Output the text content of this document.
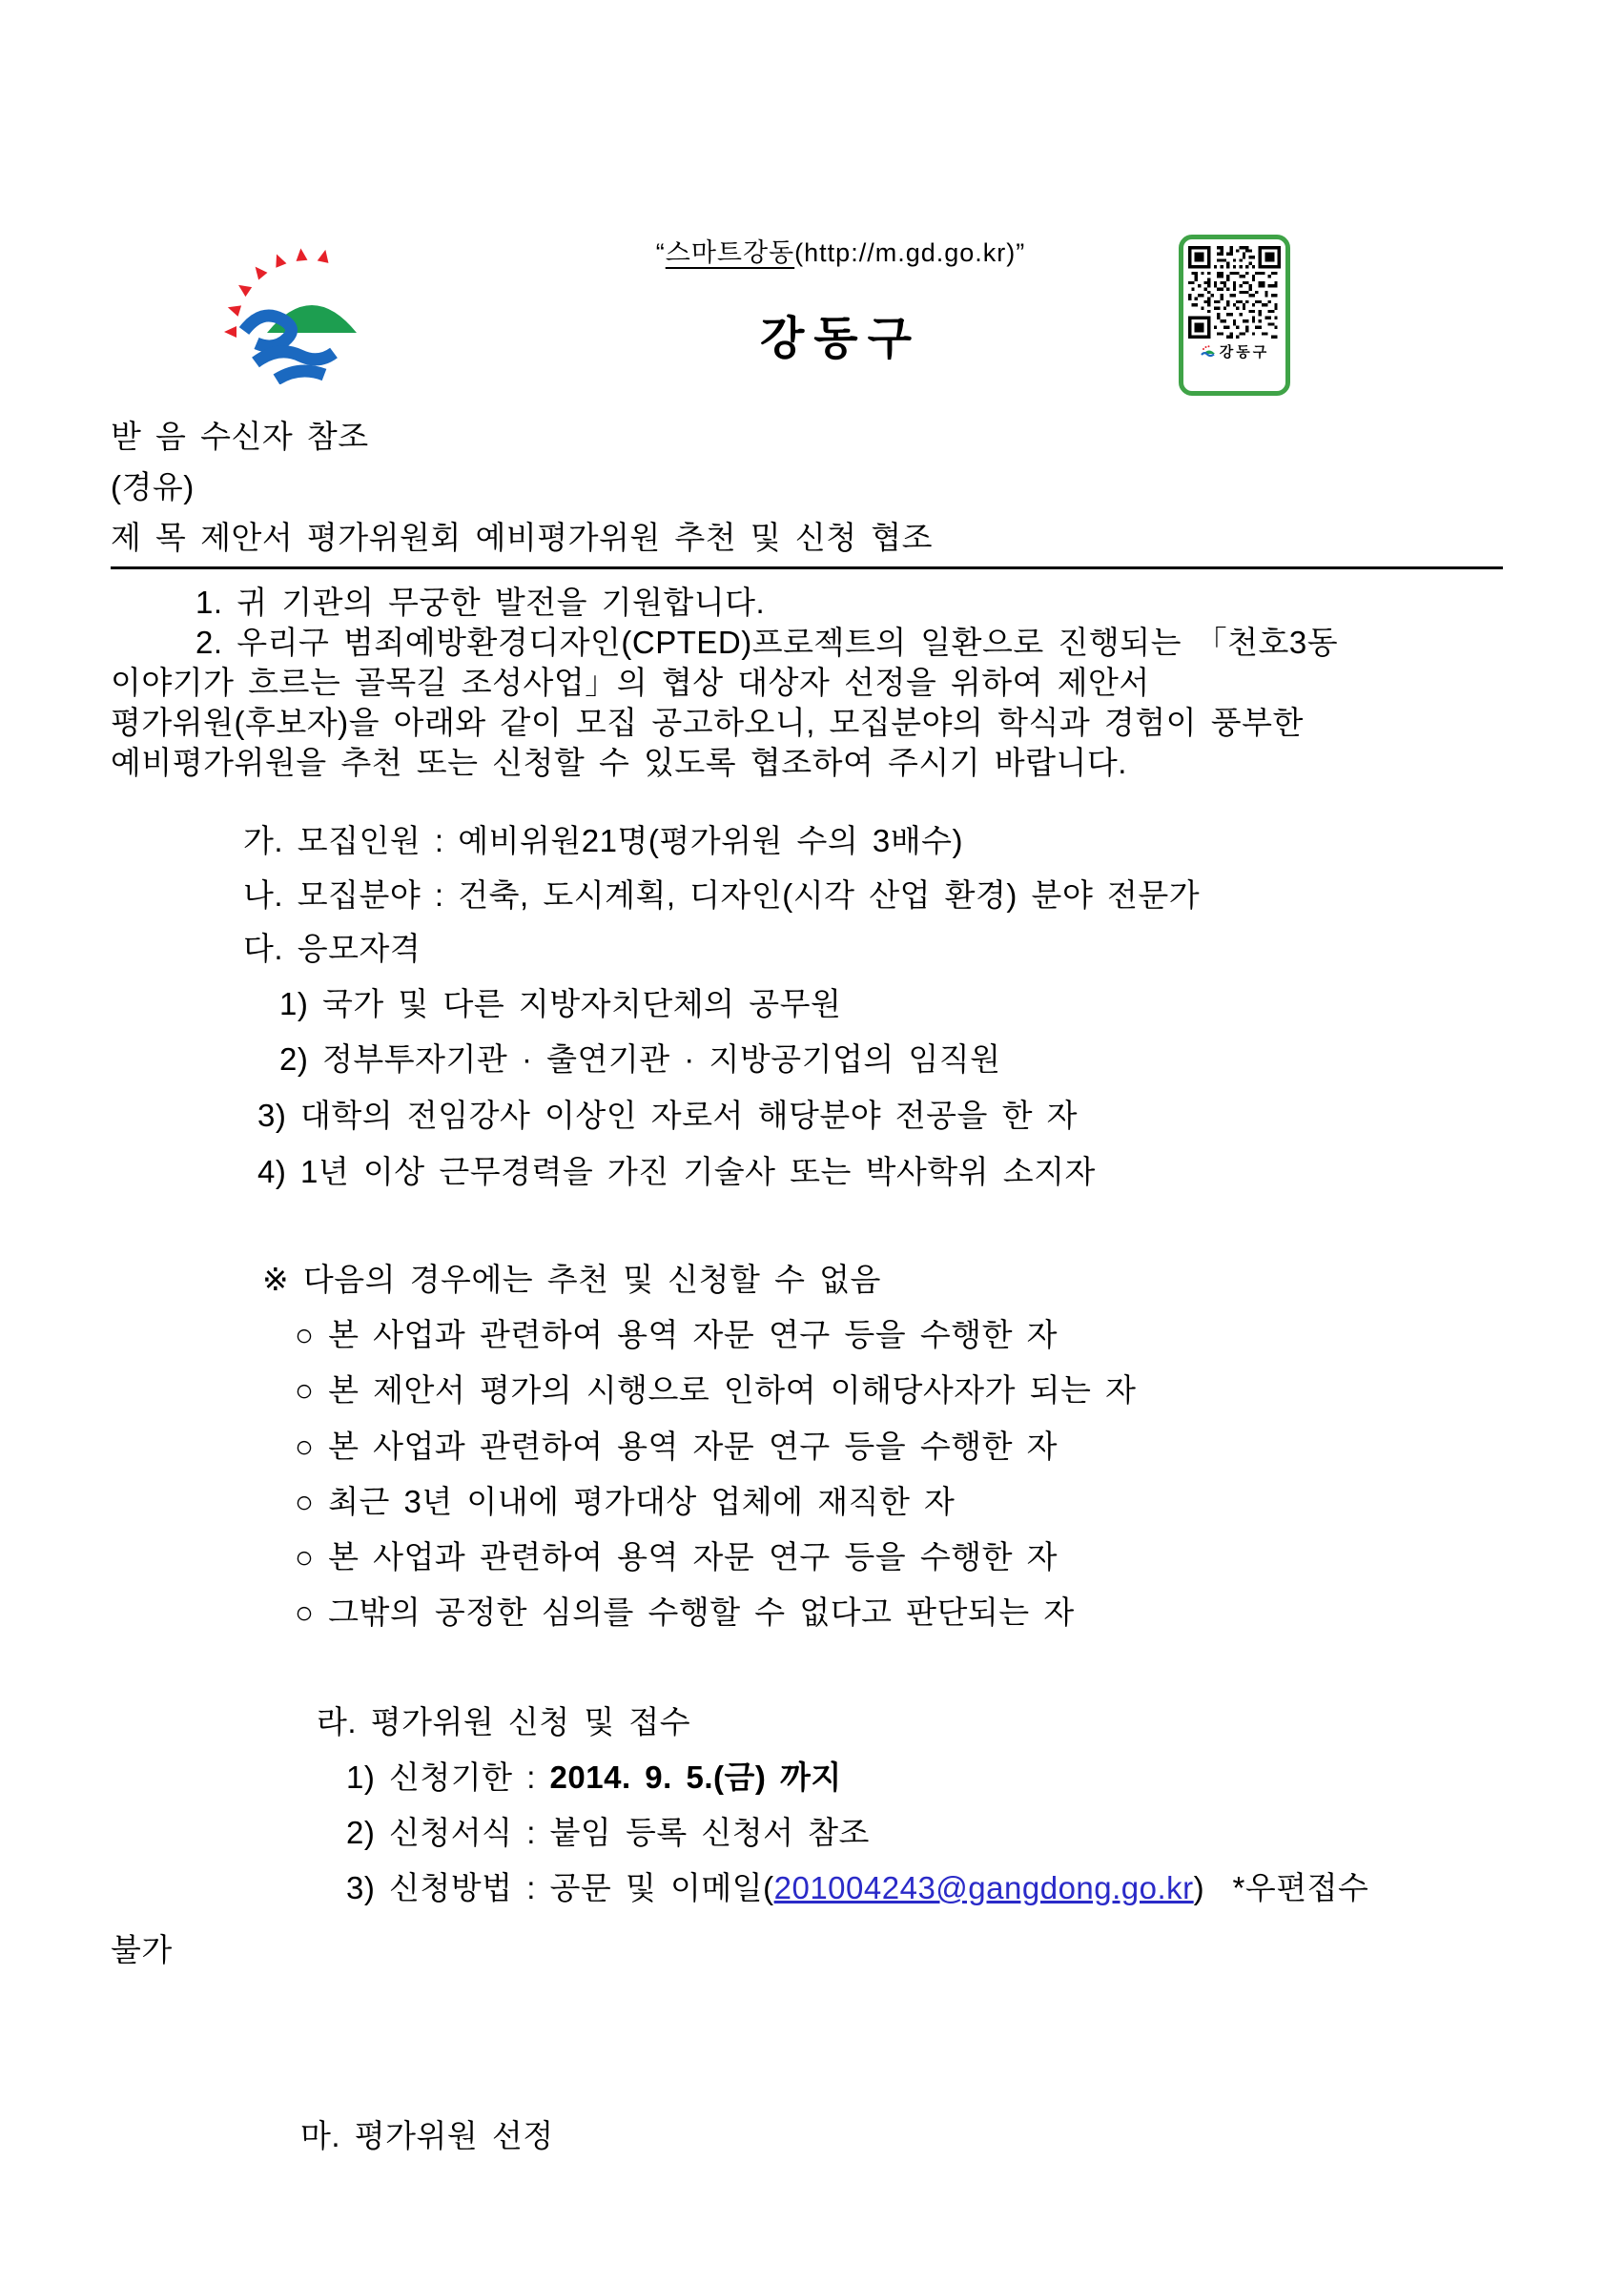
“스마트강동(http://m.gd.go.kr)”
강동구	강동구
받 음 수신자 참조
(경유)
제 목 제안서 평가위원회 예비평가위원 추천 및 신청 협조
1. 귀 기관의 무궁한 발전을 기원합니다.
2. 우리구 범죄예방환경디자인(CPTED)프로젝트의 일환으로 진행되는 「천호3동
이야기가 흐르는 골목길 조성사업」의 협상 대상자 선정을 위하여 제안서
평가위원(후보자)을 아래와 같이 모집 공고하오니, 모집분야의 학식과 경험이 풍부한
예비평가위원을 추천 또는 신청할 수 있도록 협조하여 주시기 바랍니다.
가. 모집인원 : 예비위원21명(평가위원 수의 3배수)
나. 모집분야 : 건축, 도시계획, 디자인(시각 산업 환경) 분야 전문가
다. 응모자격
1) 국가 및 다른 지방자치단체의 공무원
2) 정부투자기관 · 출연기관 · 지방공기업의 임직원
3) 대학의 전임강사 이상인 자로서 해당분야 전공을 한 자
4) 1년 이상 근무경력을 가진 기술사 또는 박사학위 소지자
※ 다음의 경우에는 추천 및 신청할 수 없음
○ 본 사업과 관련하여 용역 자문 연구 등을 수행한 자
○ 본 제안서 평가의 시행으로 인하여 이해당사자가 되는 자
○ 본 사업과 관련하여 용역 자문 연구 등을 수행한 자
○ 최근 3년 이내에 평가대상 업체에 재직한 자
○ 본 사업과 관련하여 용역 자문 연구 등을 수행한 자
○ 그밖의 공정한 심의를 수행할 수 없다고 판단되는 자
라. 평가위원 신청 및 접수
1) 신청기한 : 2014. 9. 5.(금) 까지
2) 신청서식 : 붙임 등록 신청서 참조
3) 신청방법 : 공문 및 이메일(201004243@gangdong.go.kr)  *우편접수
불가
마. 평가위원 선정
